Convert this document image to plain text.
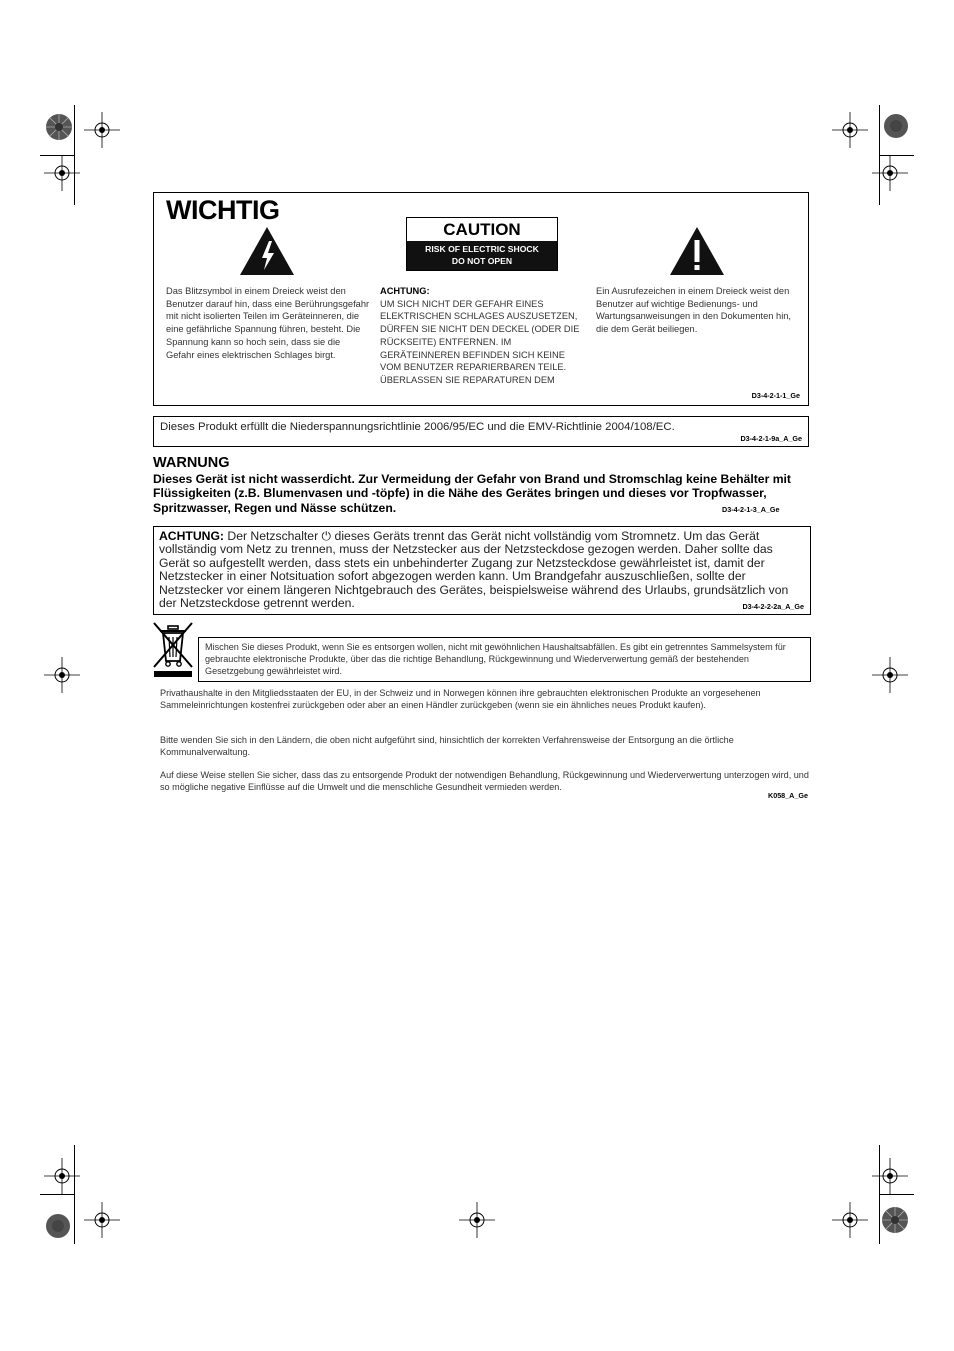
WICHTIG
CAUTION
RISK OF ELECTRIC SHOCK
DO NOT OPEN
Das Blitzsymbol in einem Dreieck weist den Benutzer darauf hin, dass eine Berührungsgefahr mit nicht isolierten Teilen im Geräteinneren, die eine gefährliche Spannung führen, besteht. Die Spannung kann so hoch sein, dass sie die Gefahr eines elektrischen Schlages birgt.
ACHTUNG:
UM SICH NICHT DER GEFAHR EINES ELEKTRISCHEN SCHLAGES AUSZUSETZEN, DÜRFEN SIE NICHT DEN DECKEL (ODER DIE RÜCKSEITE) ENTFERNEN. IM GERÄTEINNEREN BEFINDEN SICH KEINE VOM BENUTZER REPARIERBAREN TEILE. ÜBERLASSEN SIE REPARATUREN DEM
Ein Ausrufezeichen in einem Dreieck weist den Benutzer auf wichtige Bedienungs- und Wartungsanweisungen in den Dokumenten hin, die dem Gerät beiliegen.
D3-4-2-1-1_Ge
Dieses Produkt erfüllt die Niederspannungsrichtlinie 2006/95/EC und die EMV-Richtlinie 2004/108/EC.
D3-4-2-1-9a_A_Ge
WARNUNG
Dieses Gerät ist nicht wasserdicht. Zur Vermeidung der Gefahr von Brand und Stromschlag keine Behälter mit Flüssigkeiten (z.B. Blumenvasen und -töpfe) in die Nähe des Gerätes bringen und dieses vor Tropfwasser, Spritzwasser, Regen und Nässe schützen.	D3-4-2-1-3_A_Ge
ACHTUNG: Der Netzschalter ⏻ dieses Geräts trennt das Gerät nicht vollständig vom Stromnetz. Um das Gerät vollständig vom Netz zu trennen, muss der Netzstecker aus der Netzsteckdose gezogen werden. Daher sollte das Gerät so aufgestellt werden, dass stets ein unbehinderter Zugang zur Netzsteckdose gewährleistet ist, damit der Netzstecker in einer Notsituation sofort abgezogen werden kann. Um Brandgefahr auszuschließen, sollte der Netzstecker vor einem längeren Nichtgebrauch des Gerätes, beispielsweise während des Urlaubs, grundsätzlich von der Netzsteckdose getrennt werden.	D3-4-2-2-2a_A_Ge
Mischen Sie dieses Produkt, wenn Sie es entsorgen wollen, nicht mit gewöhnlichen Haushaltsabfällen. Es gibt ein getrenntes Sammelsystem für gebrauchte elektronische Produkte, über das die richtige Behandlung, Rückgewinnung und Wiederverwertung gemäß der bestehenden Gesetzgebung gewährleistet wird.
Privathaushalte in den Mitgliedsstaaten der EU, in der Schweiz und in Norwegen können ihre gebrauchten elektronischen Produkte an vorgesehenen Sammeleinrichtungen kostenfrei zurückgeben oder aber an einen Händler zurückgeben (wenn sie ein ähnliches neues Produkt kaufen).
Bitte wenden Sie sich in den Ländern, die oben nicht aufgeführt sind, hinsichtlich der korrekten Verfahrensweise der Entsorgung an die örtliche Kommunalverwaltung.
Auf diese Weise stellen Sie sicher, dass das zu entsorgende Produkt der notwendigen Behandlung, Rückgewinnung und Wiederverwertung unterzogen wird, und so mögliche negative Einflüsse auf die Umwelt und die menschliche Gesundheit vermieden werden.
K058_A_Ge
